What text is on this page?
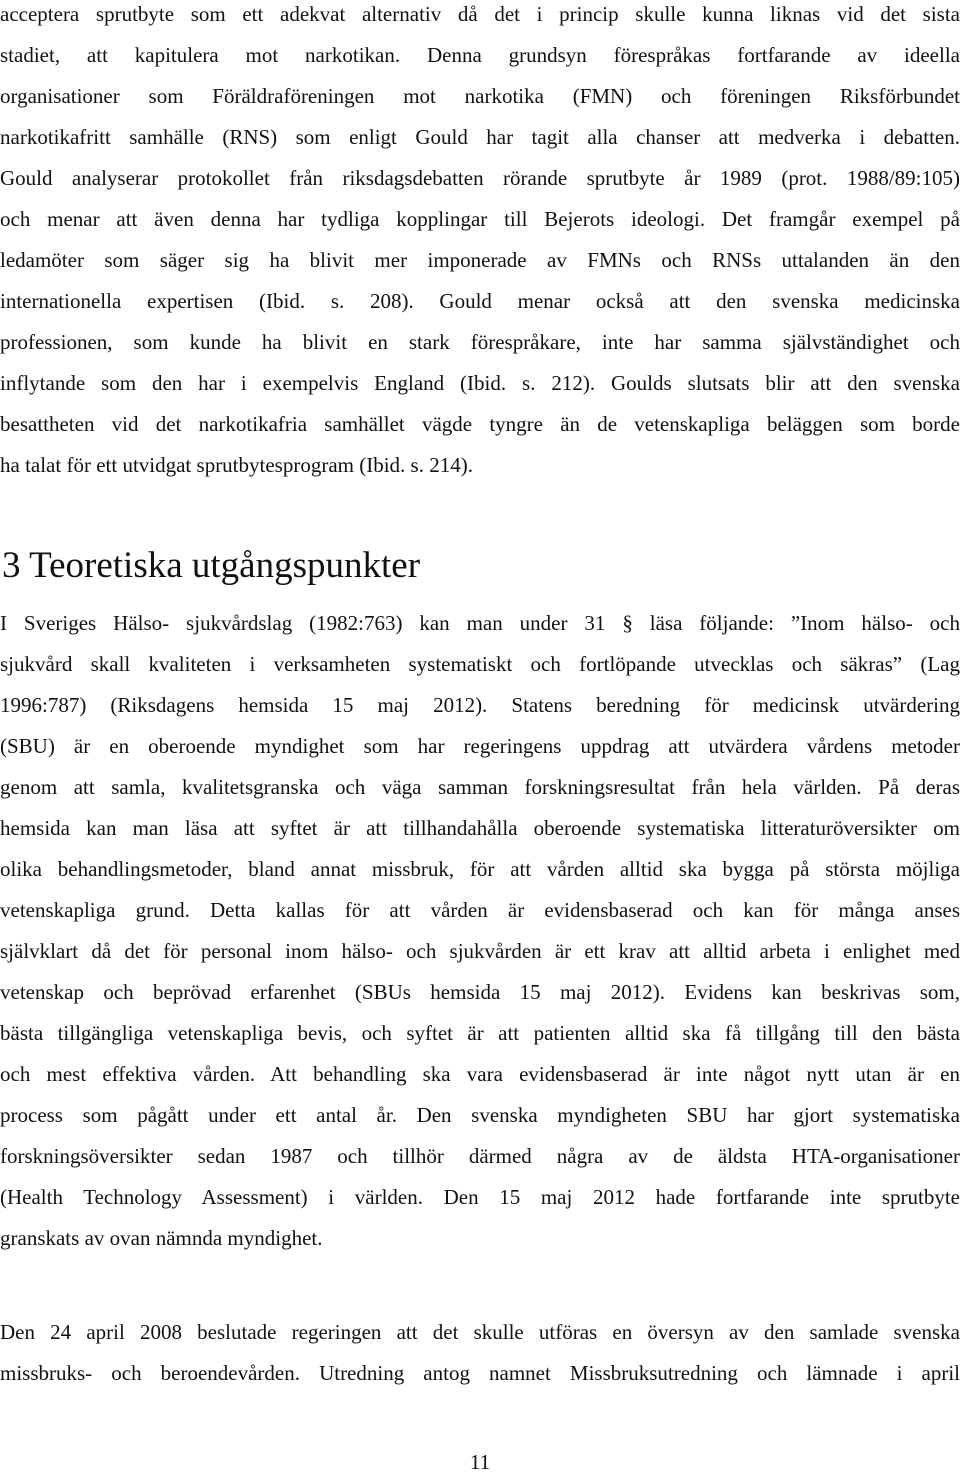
acceptera sprutbyte som ett adekvat alternativ då det i princip skulle kunna liknas vid det sista
stadiet, att kapitulera mot narkotikan. Denna grundsyn förespråkas fortfarande av ideella
organisationer som Föräldraföreningen mot narkotika (FMN) och föreningen Riksförbundet
narkotikafritt samhälle (RNS) som enligt Gould har tagit alla chanser att medverka i debatten.
Gould analyserar protokollet från riksdagsdebatten rörande sprutbyte år 1989 (prot. 1988/89:105)
och menar att även denna har tydliga kopplingar till Bejerots ideologi. Det framgår exempel på
ledamöter som säger sig ha blivit mer imponerade av FMNs och RNSs uttalanden än den
internationella expertisen (Ibid. s. 208). Gould menar också att den svenska medicinska
professionen, som kunde ha blivit en stark förespråkare, inte har samma självständighet och
inflytande som den har i exempelvis England (Ibid. s. 212). Goulds slutsats blir att den svenska
besattheten vid det narkotikafria samhället vägde tyngre än de vetenskapliga beläggen som borde
ha talat för ett utvidgat sprutbytesprogram (Ibid. s. 214).

3 Teoretiska utgångspunkter

I Sveriges Hälso- sjukvårdslag (1982:763) kan man under 31 § läsa följande: ”Inom hälso- och
sjukvård skall kvaliteten i verksamheten systematiskt och fortlöpande utvecklas och säkras” (Lag
1996:787) (Riksdagens hemsida 15 maj 2012). Statens beredning för medicinsk utvärdering
(SBU) är en oberoende myndighet som har regeringens uppdrag att utvärdera vårdens metoder
genom att samla, kvalitetsgranska och väga samman forskningsresultat från hela världen. På deras
hemsida kan man läsa att syftet är att tillhandahålla oberoende systematiska litteraturöversikter om
olika behandlingsmetoder, bland annat missbruk, för att vården alltid ska bygga på största möjliga
vetenskapliga grund. Detta kallas för att vården är evidensbaserad och kan för många anses
självklart då det för personal inom hälso- och sjukvården är ett krav att alltid arbeta i enlighet med
vetenskap och beprövad erfarenhet (SBUs hemsida 15 maj 2012). Evidens kan beskrivas som,
bästa tillgängliga vetenskapliga bevis, och syftet är att patienten alltid ska få tillgång till den bästa
och mest effektiva vården. Att behandling ska vara evidensbaserad är inte något nytt utan är en
process som pågått under ett antal år. Den svenska myndigheten SBU har gjort systematiska
forskningsöversikter sedan 1987 och tillhör därmed några av de äldsta HTA-organisationer
(Health Technology Assessment) i världen. Den 15 maj 2012 hade fortfarande inte sprutbyte
granskats av ovan nämnda myndighet.

Den 24 april 2008 beslutade regeringen att det skulle utföras en översyn av den samlade svenska
missbruks- och beroendevården. Utredning antog namnet Missbruksutredning och lämnade i april

11
